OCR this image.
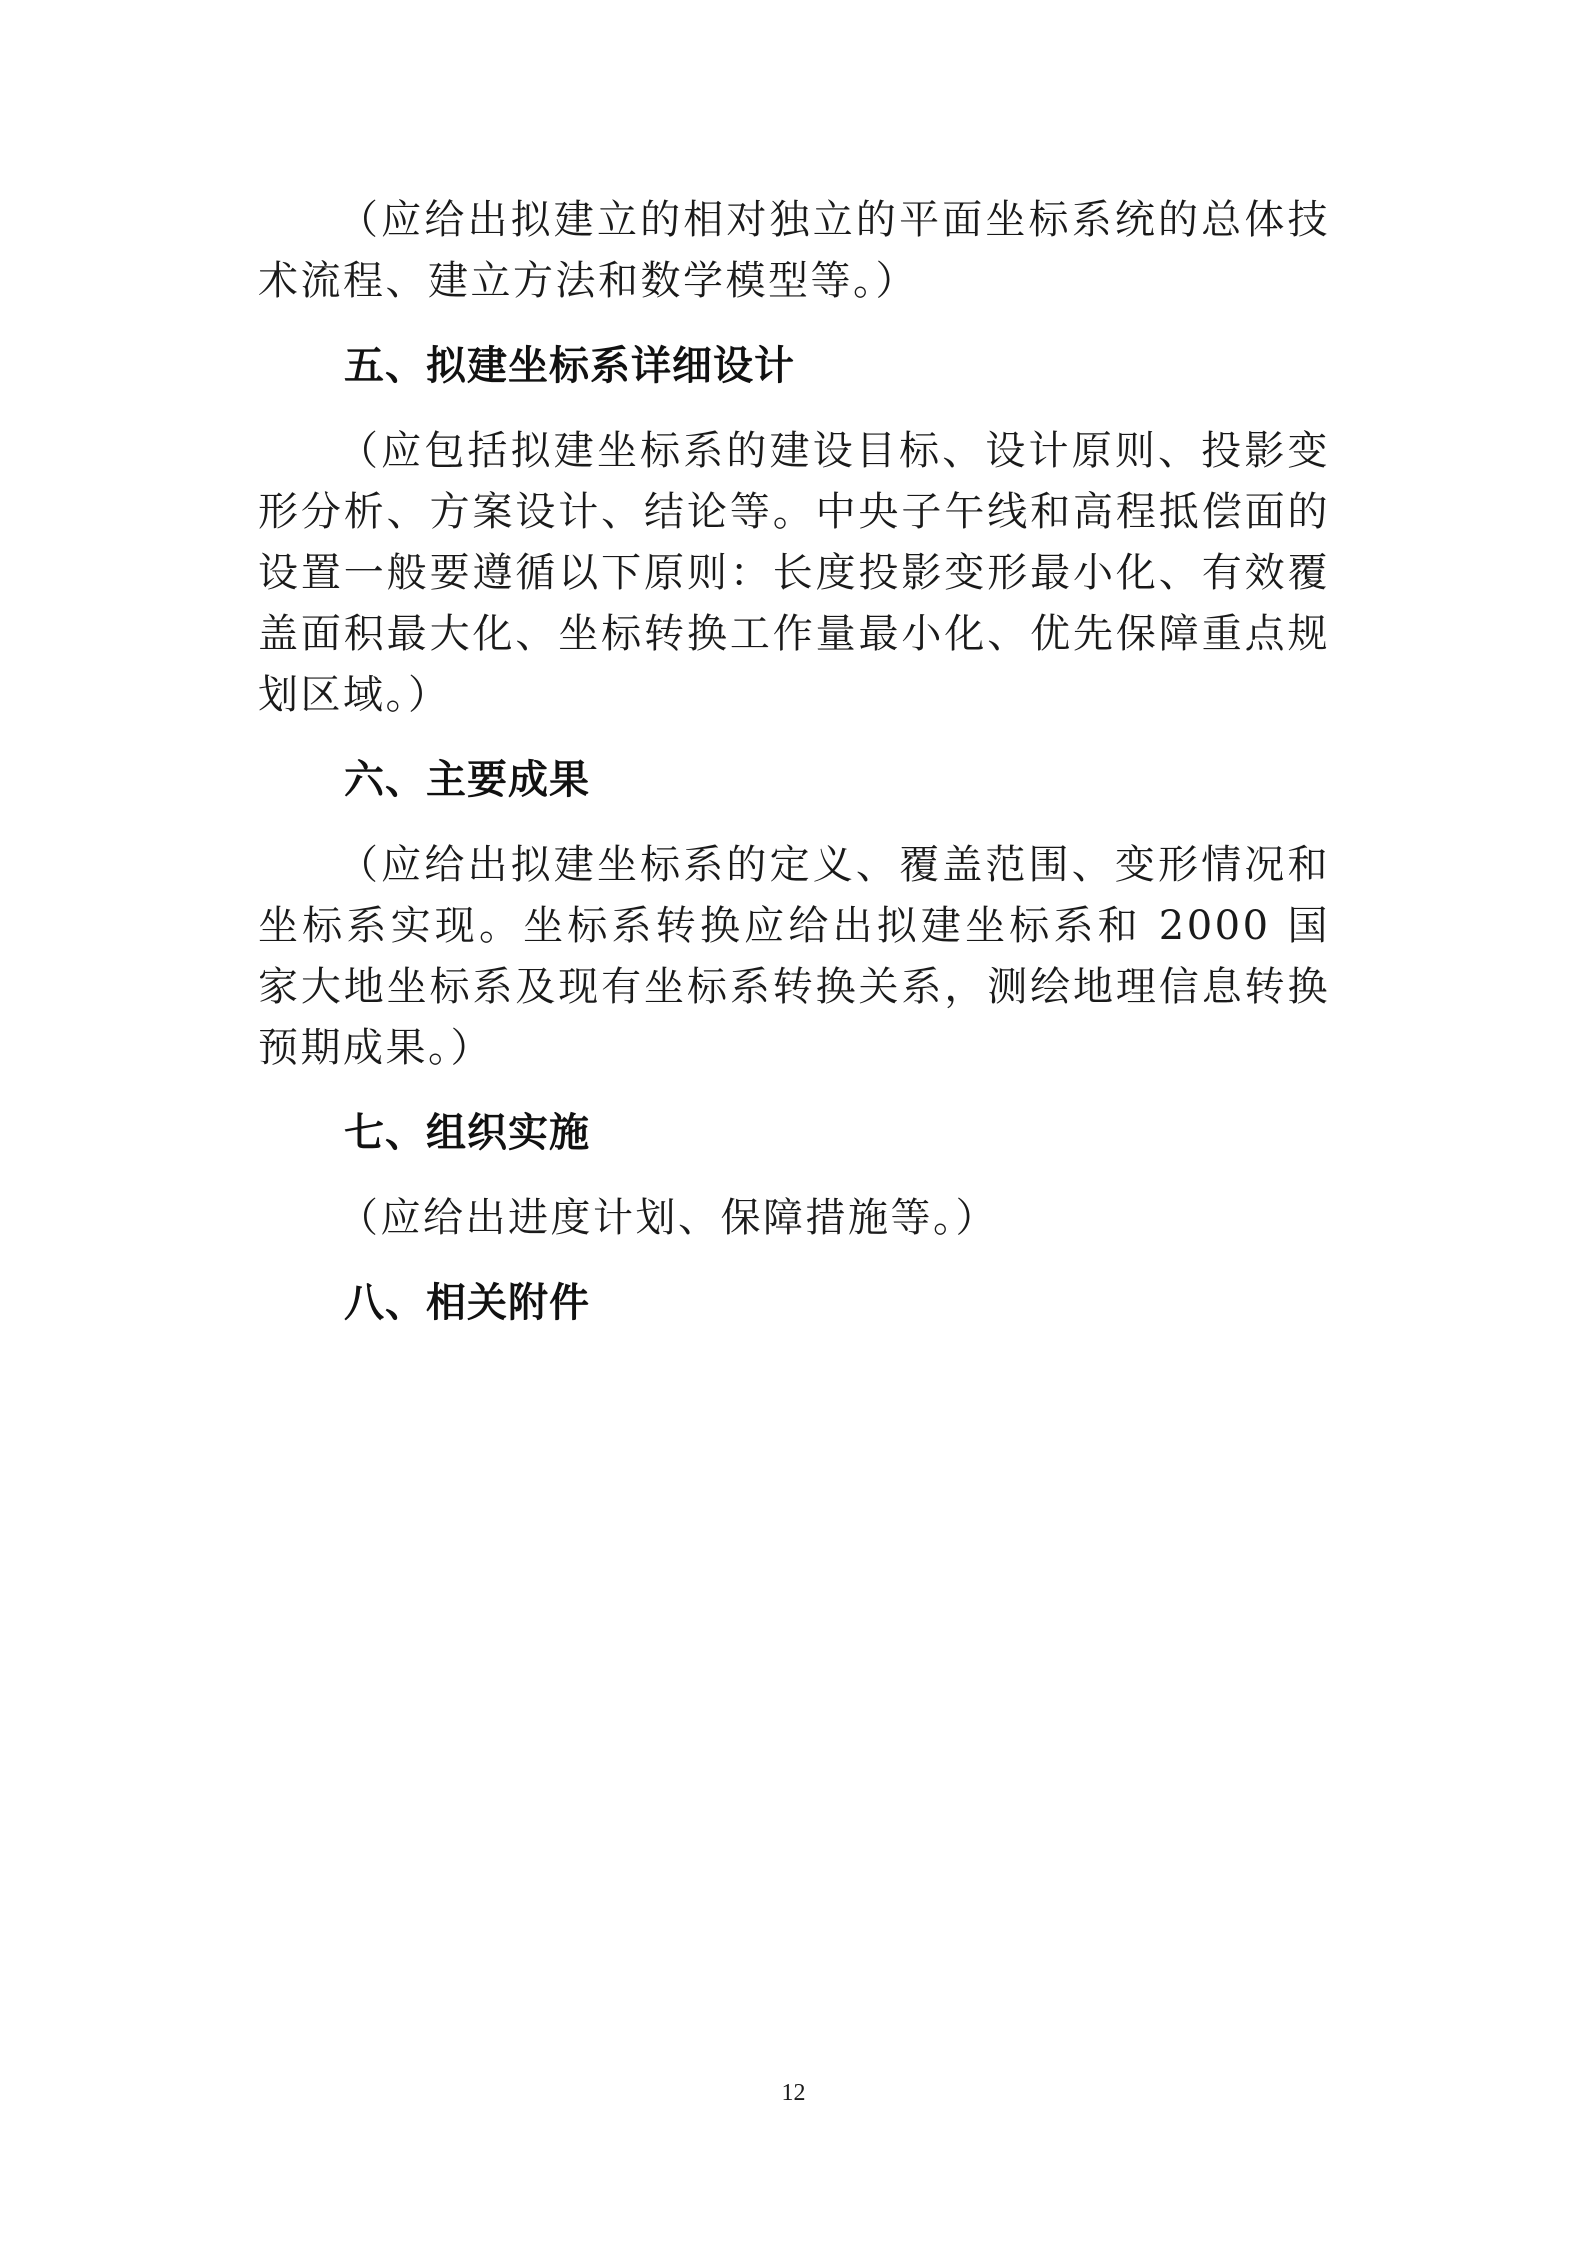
（应给出拟建立的相对独立的平面坐标系统的总体技术流程、建立方法和数学模型等。）

五、拟建坐标系详细设计

（应包括拟建坐标系的建设目标、设计原则、投影变形分析、方案设计、结论等。中央子午线和高程抵偿面的设置一般要遵循以下原则：长度投影变形最小化、有效覆盖面积最大化、坐标转换工作量最小化、优先保障重点规划区域。）

六、主要成果

（应给出拟建坐标系的定义、覆盖范围、变形情况和坐标系实现。坐标系转换应给出拟建坐标系和 2000 国家大地坐标系及现有坐标系转换关系，测绘地理信息转换预期成果。）

七、组织实施

（应给出进度计划、保障措施等。）

八、相关附件
12
